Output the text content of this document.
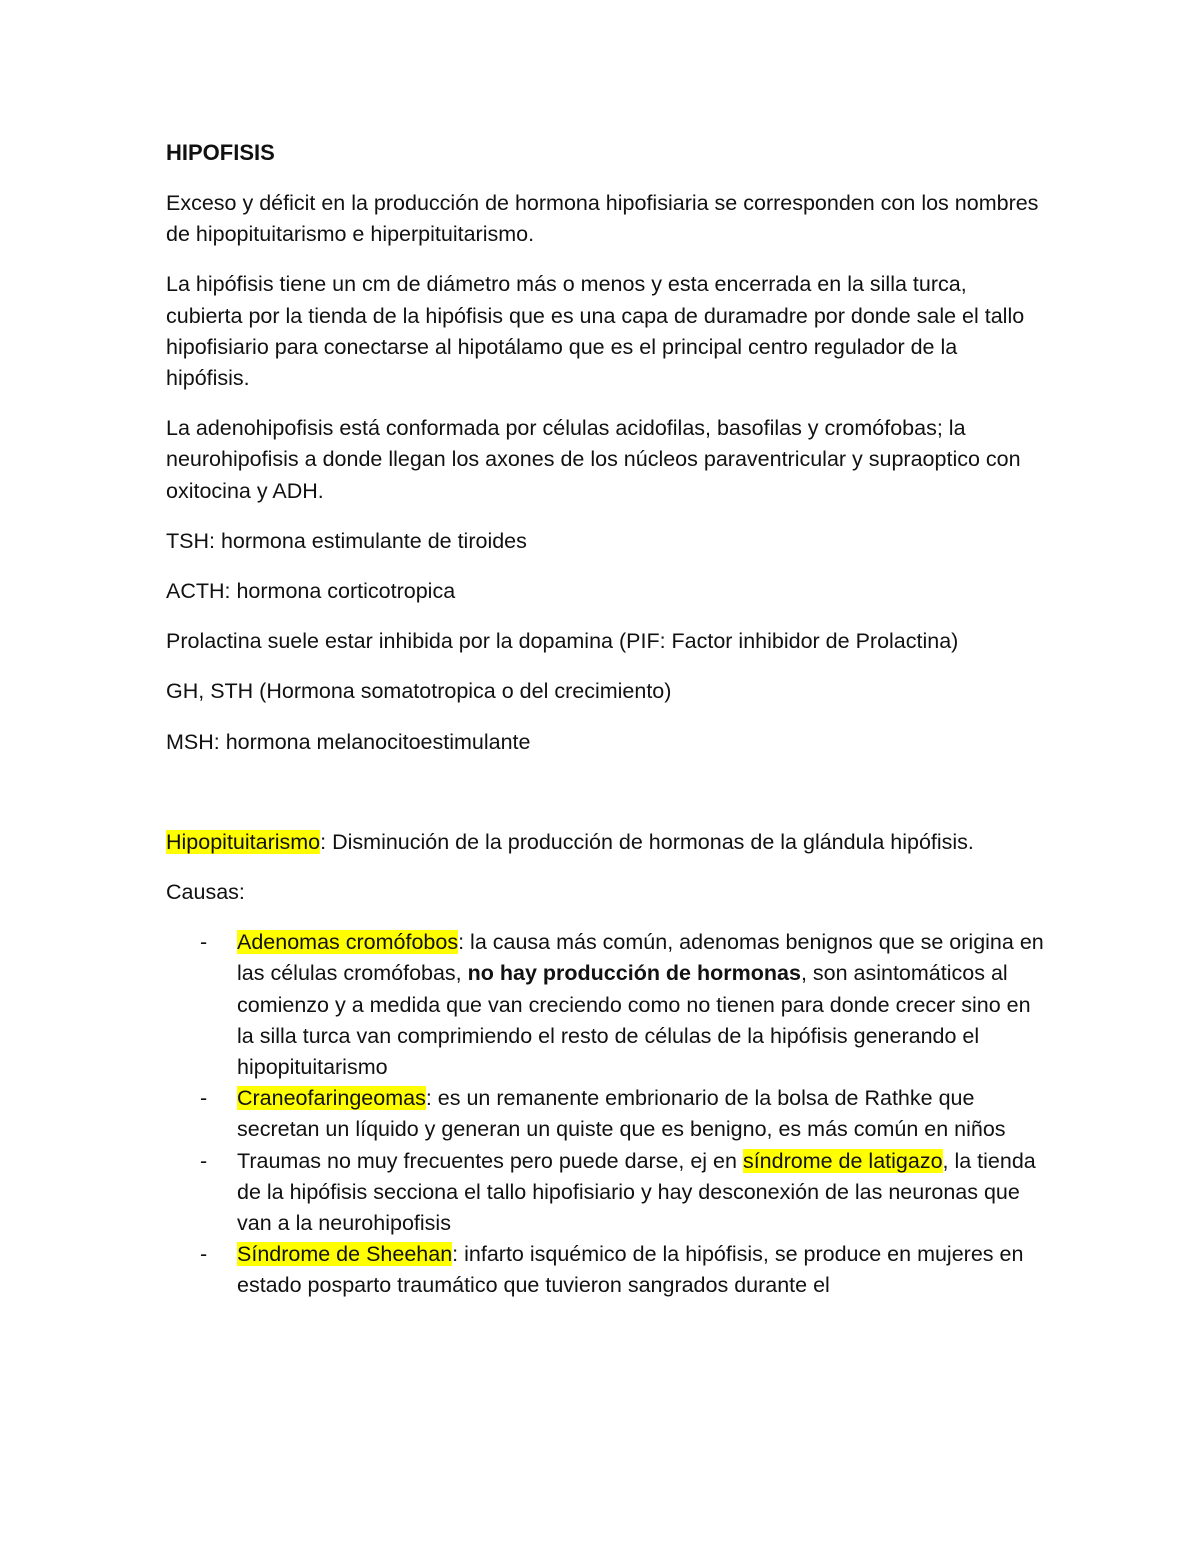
HIPOFISIS

Exceso y déficit en la producción de hormona hipofisiaria se corresponden con los nombres de hipopituitarismo e hiperpituitarismo.

La hipófisis tiene un cm de diámetro más o menos y esta encerrada en la silla turca, cubierta por la tienda de la hipófisis que es una capa de duramadre por donde sale el tallo hipofisiario para conectarse al hipotálamo que es el principal centro regulador de la hipófisis.

La adenohipofisis está conformada por células acidofilas, basofilas y cromófobas; la neurohipofisis a donde llegan los axones de los núcleos paraventricular y supraoptico con oxitocina y ADH.

TSH: hormona estimulante de tiroides

ACTH: hormona corticotropica

Prolactina suele estar inhibida por la dopamina (PIF: Factor inhibidor de Prolactina)

GH, STH (Hormona somatotropica o del crecimiento)

MSH: hormona melanocitoestimulante

Hipopituitarismo: Disminución de la producción de hormonas de la glándula hipófisis.

Causas:

- Adenomas cromófobos: la causa más común, adenomas benignos que se origina en las células cromófobas, no hay producción de hormonas, son asintomáticos al comienzo y a medida que van creciendo como no tienen para donde crecer sino en la silla turca van comprimiendo el resto de células de la hipófisis generando el hipopituitarismo
- Craneofaringeomas: es un remanente embrionario de la bolsa de Rathke que secretan un líquido y generan un quiste que es benigno, es más común en niños
- Traumas no muy frecuentes pero puede darse, ej en síndrome de latigazo, la tienda de la hipófisis secciona el tallo hipofisiario y hay desconexión de las neuronas que van a la neurohipofisis
- Síndrome de Sheehan: infarto isquémico de la hipófisis, se produce en mujeres en estado posparto traumático que tuvieron sangrados durante el
